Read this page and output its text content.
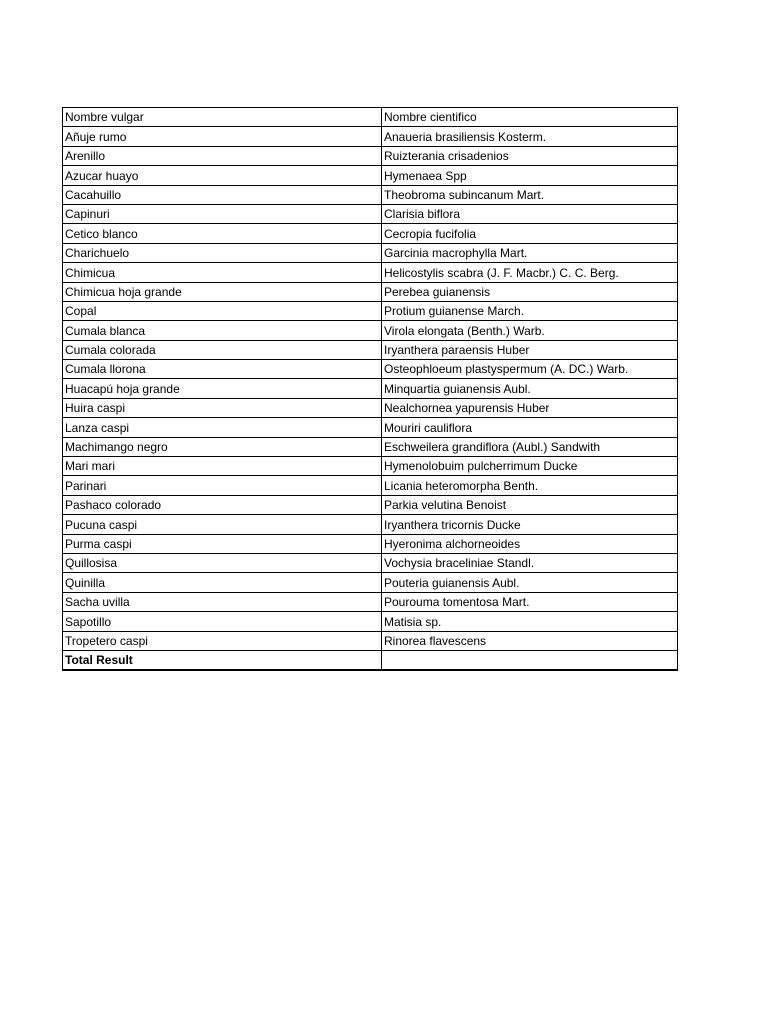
Nombre vulgar	Nombre cientifico
Añuje rumo	Anaueria brasiliensis Kosterm.
Arenillo	Ruizterania crisadenios
Azucar huayo	Hymenaea Spp
Cacahuillo	Theobroma subincanum Mart.
Capinuri	Clarisia biflora
Cetico blanco	Cecropia fucifolia
Charichuelo	Garcinia macrophylla Mart.
Chimicua	Helicostylis scabra (J. F. Macbr.) C. C. Berg.
Chimicua hoja grande	Perebea guianensis
Copal	Protium guianense March.
Cumala blanca	Virola elongata (Benth.) Warb.
Cumala colorada	Iryanthera paraensis Huber
Cumala llorona	Osteophloeum plastyspermum (A. DC.) Warb.
Huacapú hoja grande	Minquartia guianensis Aubl.
Huira caspi	Nealchornea yapurensis Huber
Lanza caspi	Mouriri cauliflora
Machimango negro	Eschweilera grandiflora (Aubl.) Sandwith
Mari mari	Hymenolobuim pulcherrimum Ducke
Parinari	Licania heteromorpha Benth.
Pashaco colorado	Parkia velutina Benoist
Pucuna caspi	Iryanthera tricornis Ducke
Purma caspi	Hyeronima alchorneoides
Quillosisa	Vochysia braceliniae Standl.
Quinilla	Pouteria guianensis Aubl.
Sacha uvilla	Pourouma tomentosa Mart.
Sapotillo	Matisia sp.
Tropetero caspi	Rinorea flavescens
Total Result	
